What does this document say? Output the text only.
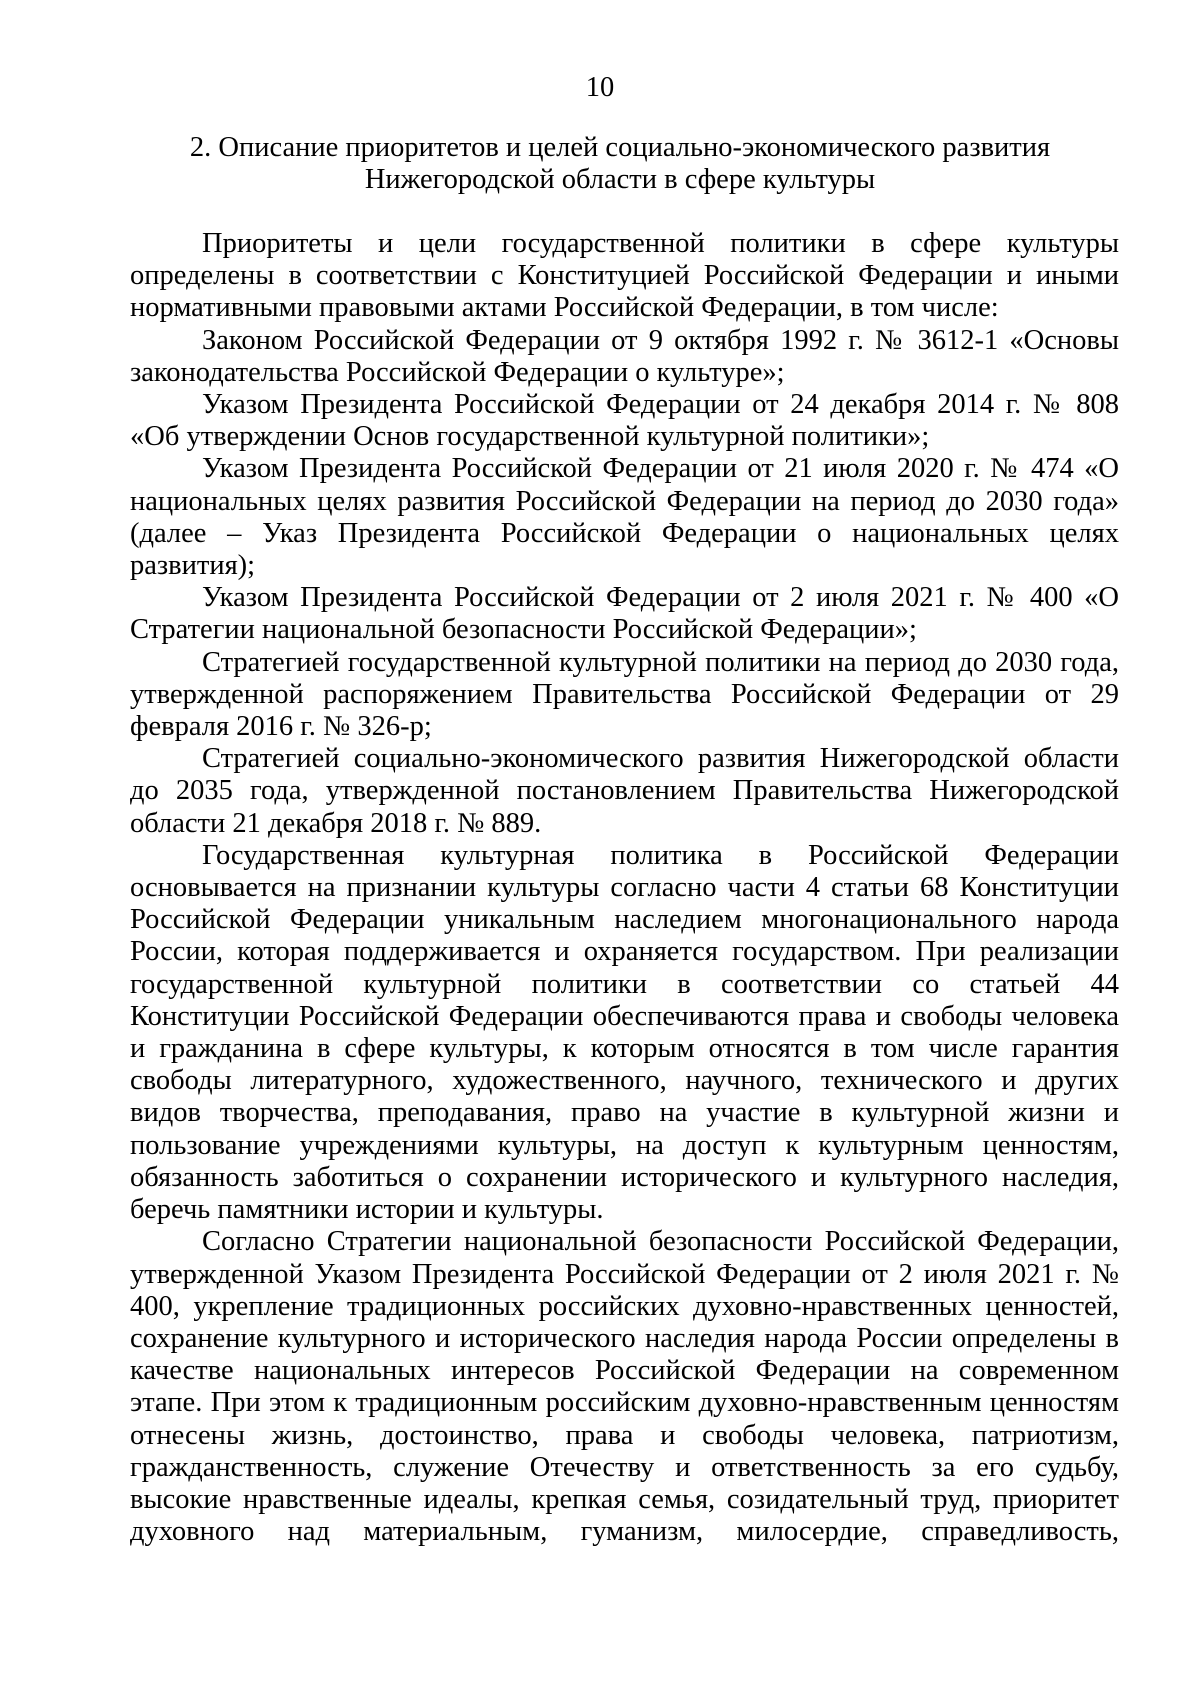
10
2. Описание приоритетов и целей социально-экономического развития
Нижегородской области в сфере культуры

Приоритеты и цели государственной политики в сфере культуры определены в соответствии с Конституцией Российской Федерации и иными нормативными правовыми актами Российской Федерации, в том числе:

Законом Российской Федерации от 9 октября 1992 г. № 3612-1 «Основы законодательства Российской Федерации о культуре»;

Указом Президента Российской Федерации от 24 декабря 2014 г. № 808 «Об утверждении Основ государственной культурной политики»;

Указом Президента Российской Федерации от 21 июля 2020 г. № 474 «О национальных целях развития Российской Федерации на период до 2030 года» (далее – Указ Президента Российской Федерации о национальных целях развития);

Указом Президента Российской Федерации от 2 июля 2021 г. № 400 «О Стратегии национальной безопасности Российской Федерации»;

Стратегией государственной культурной политики на период до 2030 года, утвержденной распоряжением Правительства Российской Федерации от 29 февраля 2016 г. № 326-р;

Стратегией социально-экономического развития Нижегородской области до 2035 года, утвержденной постановлением Правительства Нижегородской области 21 декабря 2018 г. № 889.

Государственная культурная политика в Российской Федерации основывается на признании культуры согласно части 4 статьи 68 Конституции Российской Федерации уникальным наследием многонационального народа России, которая поддерживается и охраняется государством. При реализации государственной культурной политики в соответствии со статьей 44 Конституции Российской Федерации обеспечиваются права и свободы человека и гражданина в сфере культуры, к которым относятся в том числе гарантия свободы литературного, художественного, научного, технического и других видов творчества, преподавания, право на участие в культурной жизни и пользование учреждениями культуры, на доступ к культурным ценностям, обязанность заботиться о сохранении исторического и культурного наследия, беречь памятники истории и культуры.

Согласно Стратегии национальной безопасности Российской Федерации, утвержденной Указом Президента Российской Федерации от 2 июля 2021 г. № 400, укрепление традиционных российских духовно-нравственных ценностей, сохранение культурного и исторического наследия народа России определены в качестве национальных интересов Российской Федерации на современном этапе. При этом к традиционным российским духовно-нравственным ценностям отнесены жизнь, достоинство, права и свободы человека, патриотизм, гражданственность, служение Отечеству и ответственность за его судьбу, высокие нравственные идеалы, крепкая семья, созидательный труд, приоритет духовного над материальным, гуманизм, милосердие, справедливость,
